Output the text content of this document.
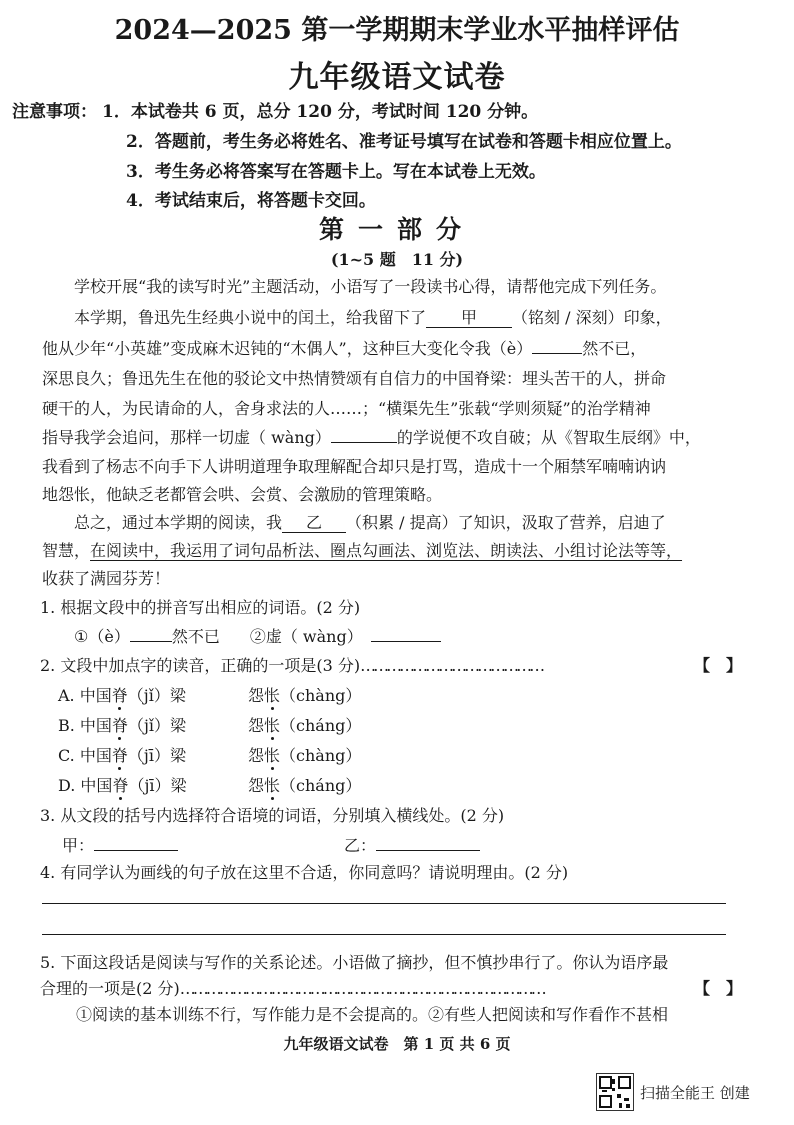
2024—2025 第一学期期末学业水平抽样评估
九年级语文试卷
注意事项： 1．本试卷共 6 页，总分 120 分，考试时间 120 分钟。
2．答题前，考生务必将姓名、准考证号填写在试卷和答题卡相应位置上。
3．考生务必将答案写在答题卡上。写在本试卷上无效。
4．考试结束后，将答题卡交回。
第一部分
(1~5 题　11 分)
学校开展“我的读写时光”主题活动，小语写了一段读书心得，请帮他完成下列任务。
本学期，鲁迅先生经典小说中的闰土，给我留下了 甲 （铭刻 / 深刻）印象，
他从少年“小英雄”变成麻木迟钝的“木偶人”，这种巨大变化令我（è）	然不已，
深思良久；鲁迅先生在他的驳论文中热情赞颂有自信力的中国脊梁：埋头苦干的人，拼命
硬干的人，为民请命的人，舍身求法的人……；“横渠先生”张载“学则须疑”的治学精神
指导我学会追问，那样一切虚（ wàng）	的学说便不攻自破；从《智取生辰纲》中，
我看到了杨志不向手下人讲明道理争取理解配合却只是打骂，造成十一个厢禁军喃喃讷讷
地怨怅，他缺乏老都管会哄、会赏、会激励的管理策略。
总之，通过本学期的阅读，我 乙 （积累 / 提高）了知识，汲取了营养，启迪了
智慧，在阅读中，我运用了词句品析法、圈点勾画法、浏览法、朗读法、小组讨论法等等，
收获了满园芬芳！
1. 根据文段中的拼音写出相应的词语。(2 分)
①（è）	然不已 ②虚（ wàng）
2. 文段中加点字的读音，正确的一项是(3 分)……………………………………	【　】
A. 中国脊（jǐ）梁	怨怅（chàng）
B. 中国脊（jǐ）梁	怨怅（cháng）
C. 中国脊（jī）梁	怨怅（chàng）
D. 中国脊（jī）梁	怨怅（cháng）
3. 从文段的括号内选择符合语境的词语，分别填入横线处。(2 分)
甲：	乙：
4. 有同学认为画线的句子放在这里不合适，你同意吗？请说明理由。(2 分)
5. 下面这段话是阅读与写作的关系论述。小语做了摘抄，但不慎抄串行了。你认为语序最
合理的一项是(2 分)…………………………………………………………………………	【　】
①阅读的基本训练不行，写作能力是不会提高的。②有些人把阅读和写作看作不甚相
九年级语文试卷　第 1 页 共 6 页
扫描全能王 创建
